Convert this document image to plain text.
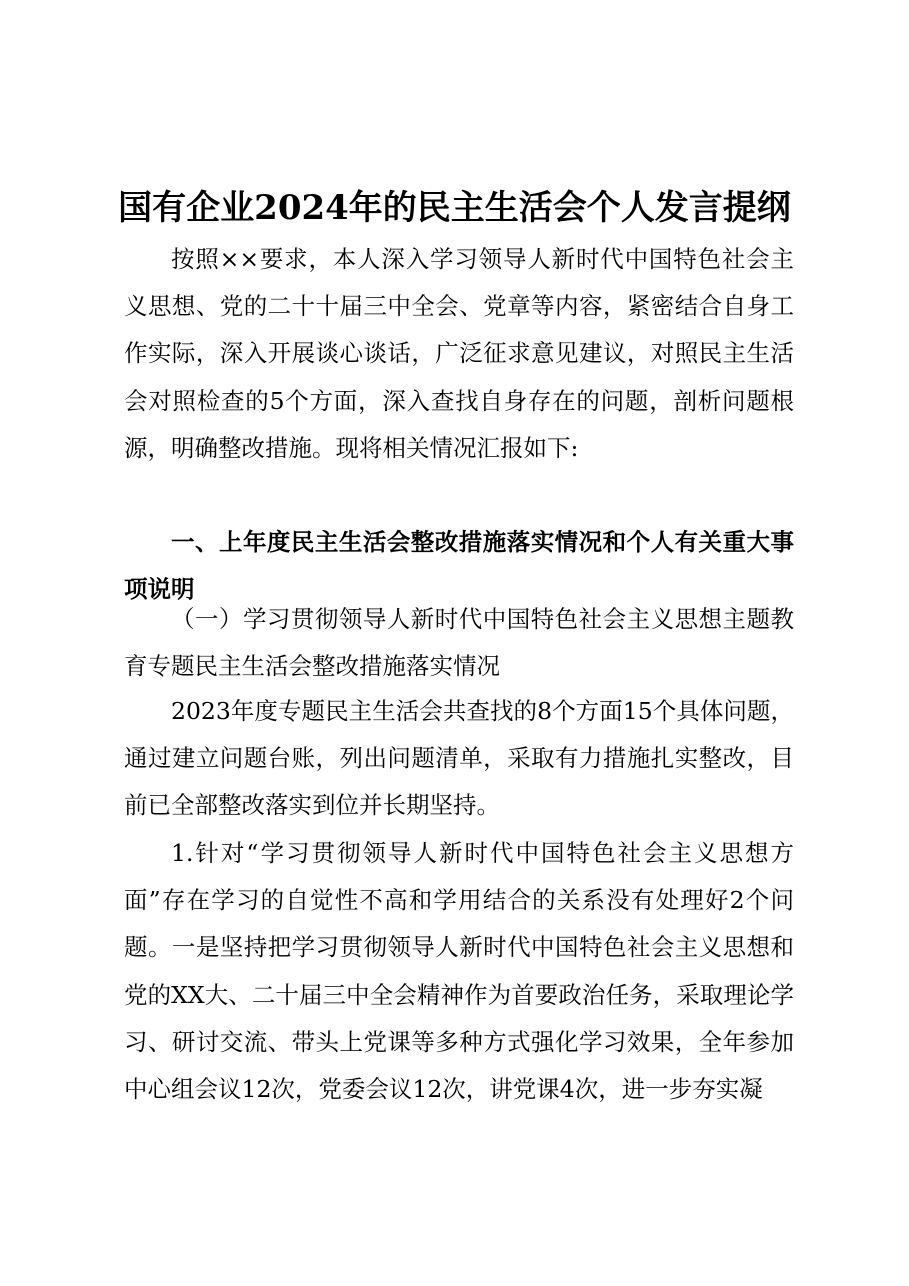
国有企业2024年的民主生活会个人发言提纲

按照××要求，本人深入学习领导人新时代中国特色社会主义思想、党的二十十届三中全会、党章等内容，紧密结合自身工作实际，深入开展谈心谈话，广泛征求意见建议，对照民主生活会对照检查的5个方面，深入查找自身存在的问题，剖析问题根源，明确整改措施。现将相关情况汇报如下:

一、上年度民主生活会整改措施落实情况和个人有关重大事项说明

（一）学习贯彻领导人新时代中国特色社会主义思想主题教育专题民主生活会整改措施落实情况

2023年度专题民主生活会共查找的8个方面15个具体问题，通过建立问题台账，列出问题清单，采取有力措施扎实整改，目前已全部整改落实到位并长期坚持。

1.针对“学习贯彻领导人新时代中国特色社会主义思想方面”存在学习的自觉性不高和学用结合的关系没有处理好2个问题。一是坚持把学习贯彻领导人新时代中国特色社会主义思想和党的XX大、二十届三中全会精神作为首要政治任务，采取理论学习、研讨交流、带头上党课等多种方式强化学习效果，全年参加中心组会议12次，党委会议12次，讲党课4次，进一步夯实凝
